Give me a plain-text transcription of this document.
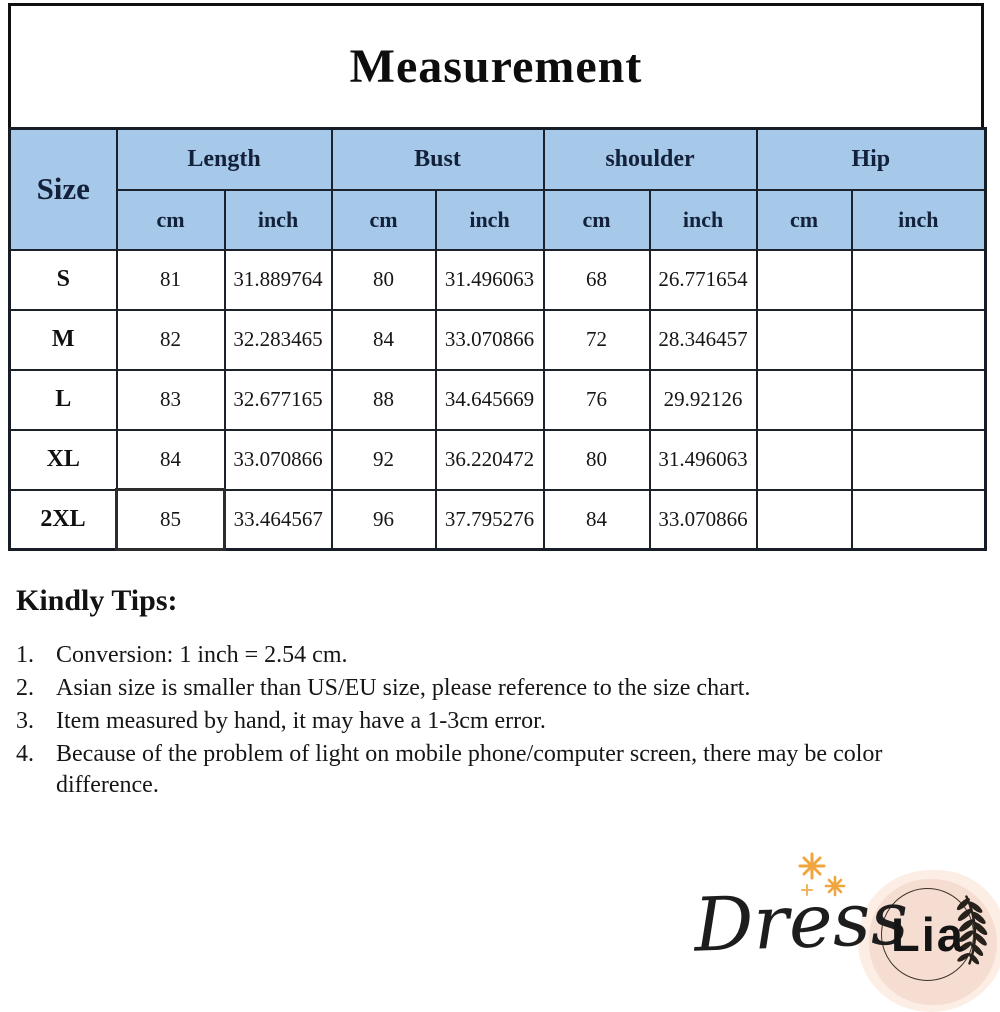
Measurement
Size	Length		Bust		shoulder		Hip	
	cm	inch	cm	inch	cm	inch	cm	inch
S	81	31.889764	80	31.496063	68	26.771654		
M	82	32.283465	84	33.070866	72	28.346457		
L	83	32.677165	88	34.645669	76	29.92126		
XL	84	33.070866	92	36.220472	80	31.496063		
2XL	85	33.464567	96	37.795276	84	33.070866		
Kindly Tips:
1. Conversion: 1 inch = 2.54 cm.
2. Asian size is smaller than US/EU size, please reference to the size chart.
3. Item measured by hand, it may have a 1-3cm error.
4. Because of the problem of light on mobile phone/computer screen, there may be color difference.
Dress
Lia
